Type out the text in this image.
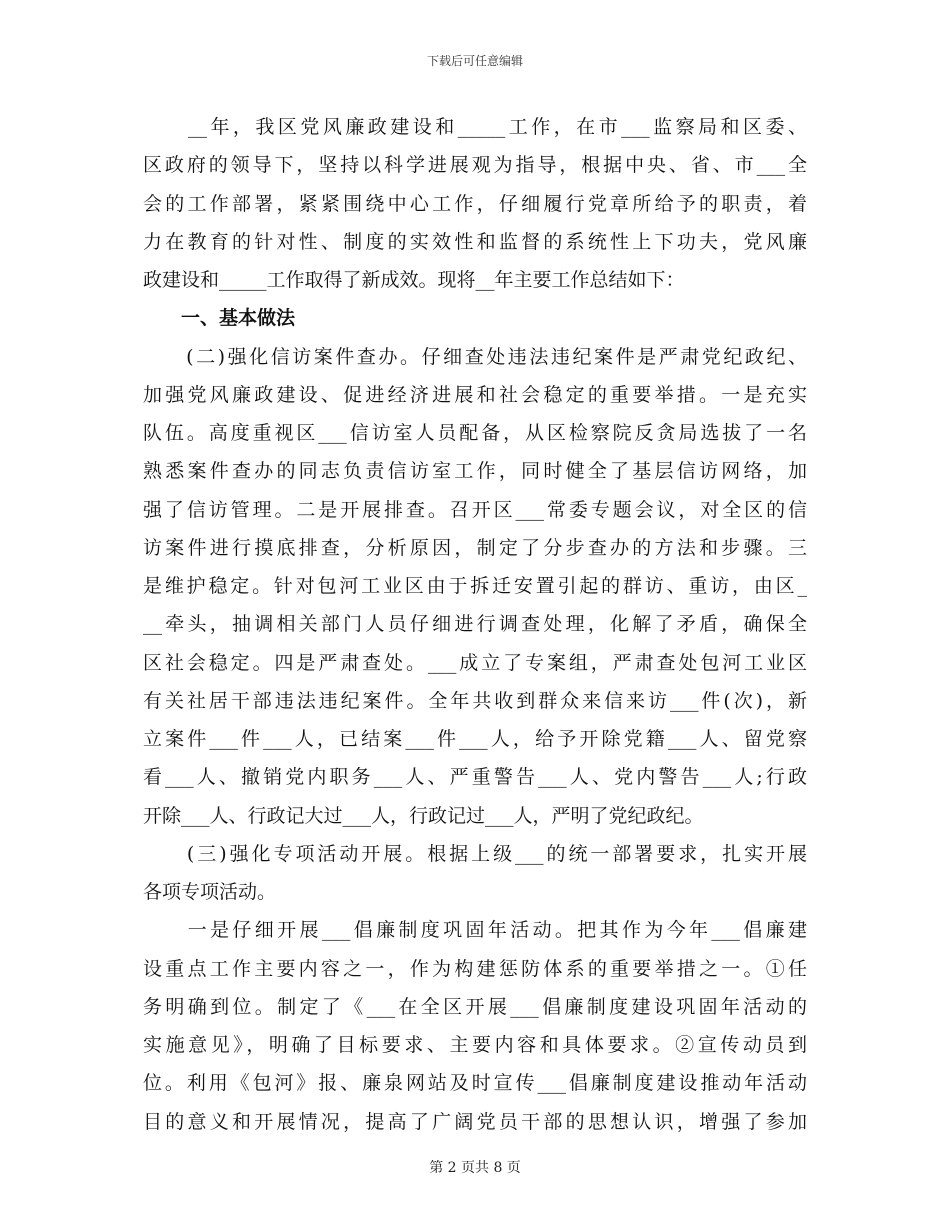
下载后可任意编辑
　　__年，我区党风廉政建设和_____工作，在市___监察局和区委、
区政府的领导下，坚持以科学进展观为指导，根据中央、省、市___全
会的工作部署，紧紧围绕中心工作，仔细履行党章所给予的职责，着
力在教育的针对性、制度的实效性和监督的系统性上下功夫，党风廉
政建设和_____工作取得了新成效。现将__年主要工作总结如下：
　　一、基本做法
　　(二)强化信访案件查办。仔细查处违法违纪案件是严肃党纪政纪、
加强党风廉政建设、促进经济进展和社会稳定的重要举措。一是充实
队伍。高度重视区___信访室人员配备，从区检察院反贪局选拔了一名
熟悉案件查办的同志负责信访室工作，同时健全了基层信访网络，加
强了信访管理。二是开展排查。召开区___常委专题会议，对全区的信
访案件进行摸底排查，分析原因，制定了分步查办的方法和步骤。三
是维护稳定。针对包河工业区由于拆迁安置引起的群访、重访，由区_
__牵头，抽调相关部门人员仔细进行调查处理，化解了矛盾，确保全
区社会稳定。四是严肃查处。___成立了专案组，严肃查处包河工业区
有关社居干部违法违纪案件。全年共收到群众来信来访___件(次)，新
立案件___件___人，已结案___件___人，给予开除党籍___人、留党察
看___人、撤销党内职务___人、严重警告___人、党内警告___人;行政
开除___人、行政记大过___人，行政记过___人，严明了党纪政纪。
　　(三)强化专项活动开展。根据上级___的统一部署要求，扎实开展
各项专项活动。
　　一是仔细开展___倡廉制度巩固年活动。把其作为今年___倡廉建
设重点工作主要内容之一，作为构建惩防体系的重要举措之一。①任
务明确到位。制定了《___在全区开展___倡廉制度建设巩固年活动的
实施意见》，明确了目标要求、主要内容和具体要求。②宣传动员到
位。利用《包河》报、廉泉网站及时宣传___倡廉制度建设推动年活动
目的意义和开展情况，提高了广阔党员干部的思想认识，增强了参加
第 2 页共 8 页
